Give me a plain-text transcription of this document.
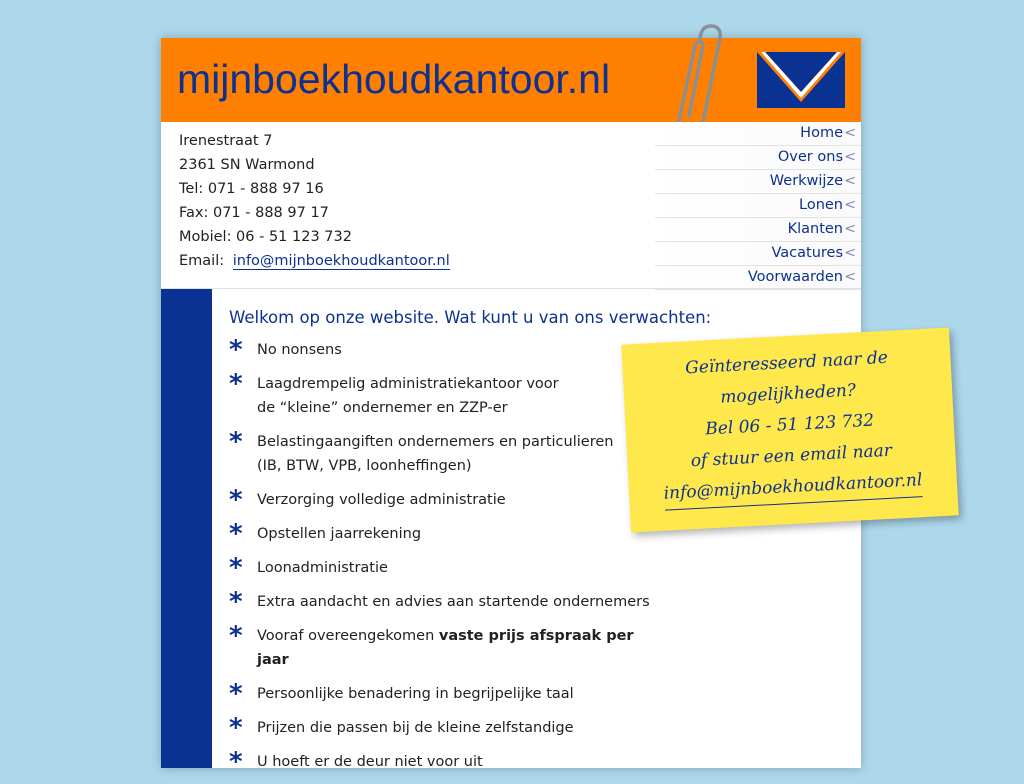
mijnboekhoudkantoor.nl
Irenestraat 7
2361 SN Warmond
Tel: 071 - 888 97 16
Fax: 071 - 888 97 17
Mobiel: 06 - 51 123 732
Email: info@mijnboekhoudkantoor.nl
Home <
Over ons <
Werkwijze <
Lonen <
Klanten <
Vacatures <
Voorwaarden <
Welkom op onze website. Wat kunt u van ons verwachten:
* No nonsens
* Laagdrempelig administratiekantoor voor
de “kleine” ondernemer en ZZP-er
* Belastingaangiften ondernemers en particulieren
(IB, BTW, VPB, loonheffingen)
* Verzorging volledige administratie
* Opstellen jaarrekening
* Loonadministratie
* Extra aandacht en advies aan startende ondernemers
* Vooraf overeengekomen vaste prijs afspraak per jaar
* Persoonlijke benadering in begrijpelijke taal
* Prijzen die passen bij de kleine zelfstandige
* U hoeft er de deur niet voor uit
Geïnteresseerd naar de
mogelijkheden?
Bel 06 - 51 123 732
of stuur een email naar
info@mijnboekhoudkantoor.nl
